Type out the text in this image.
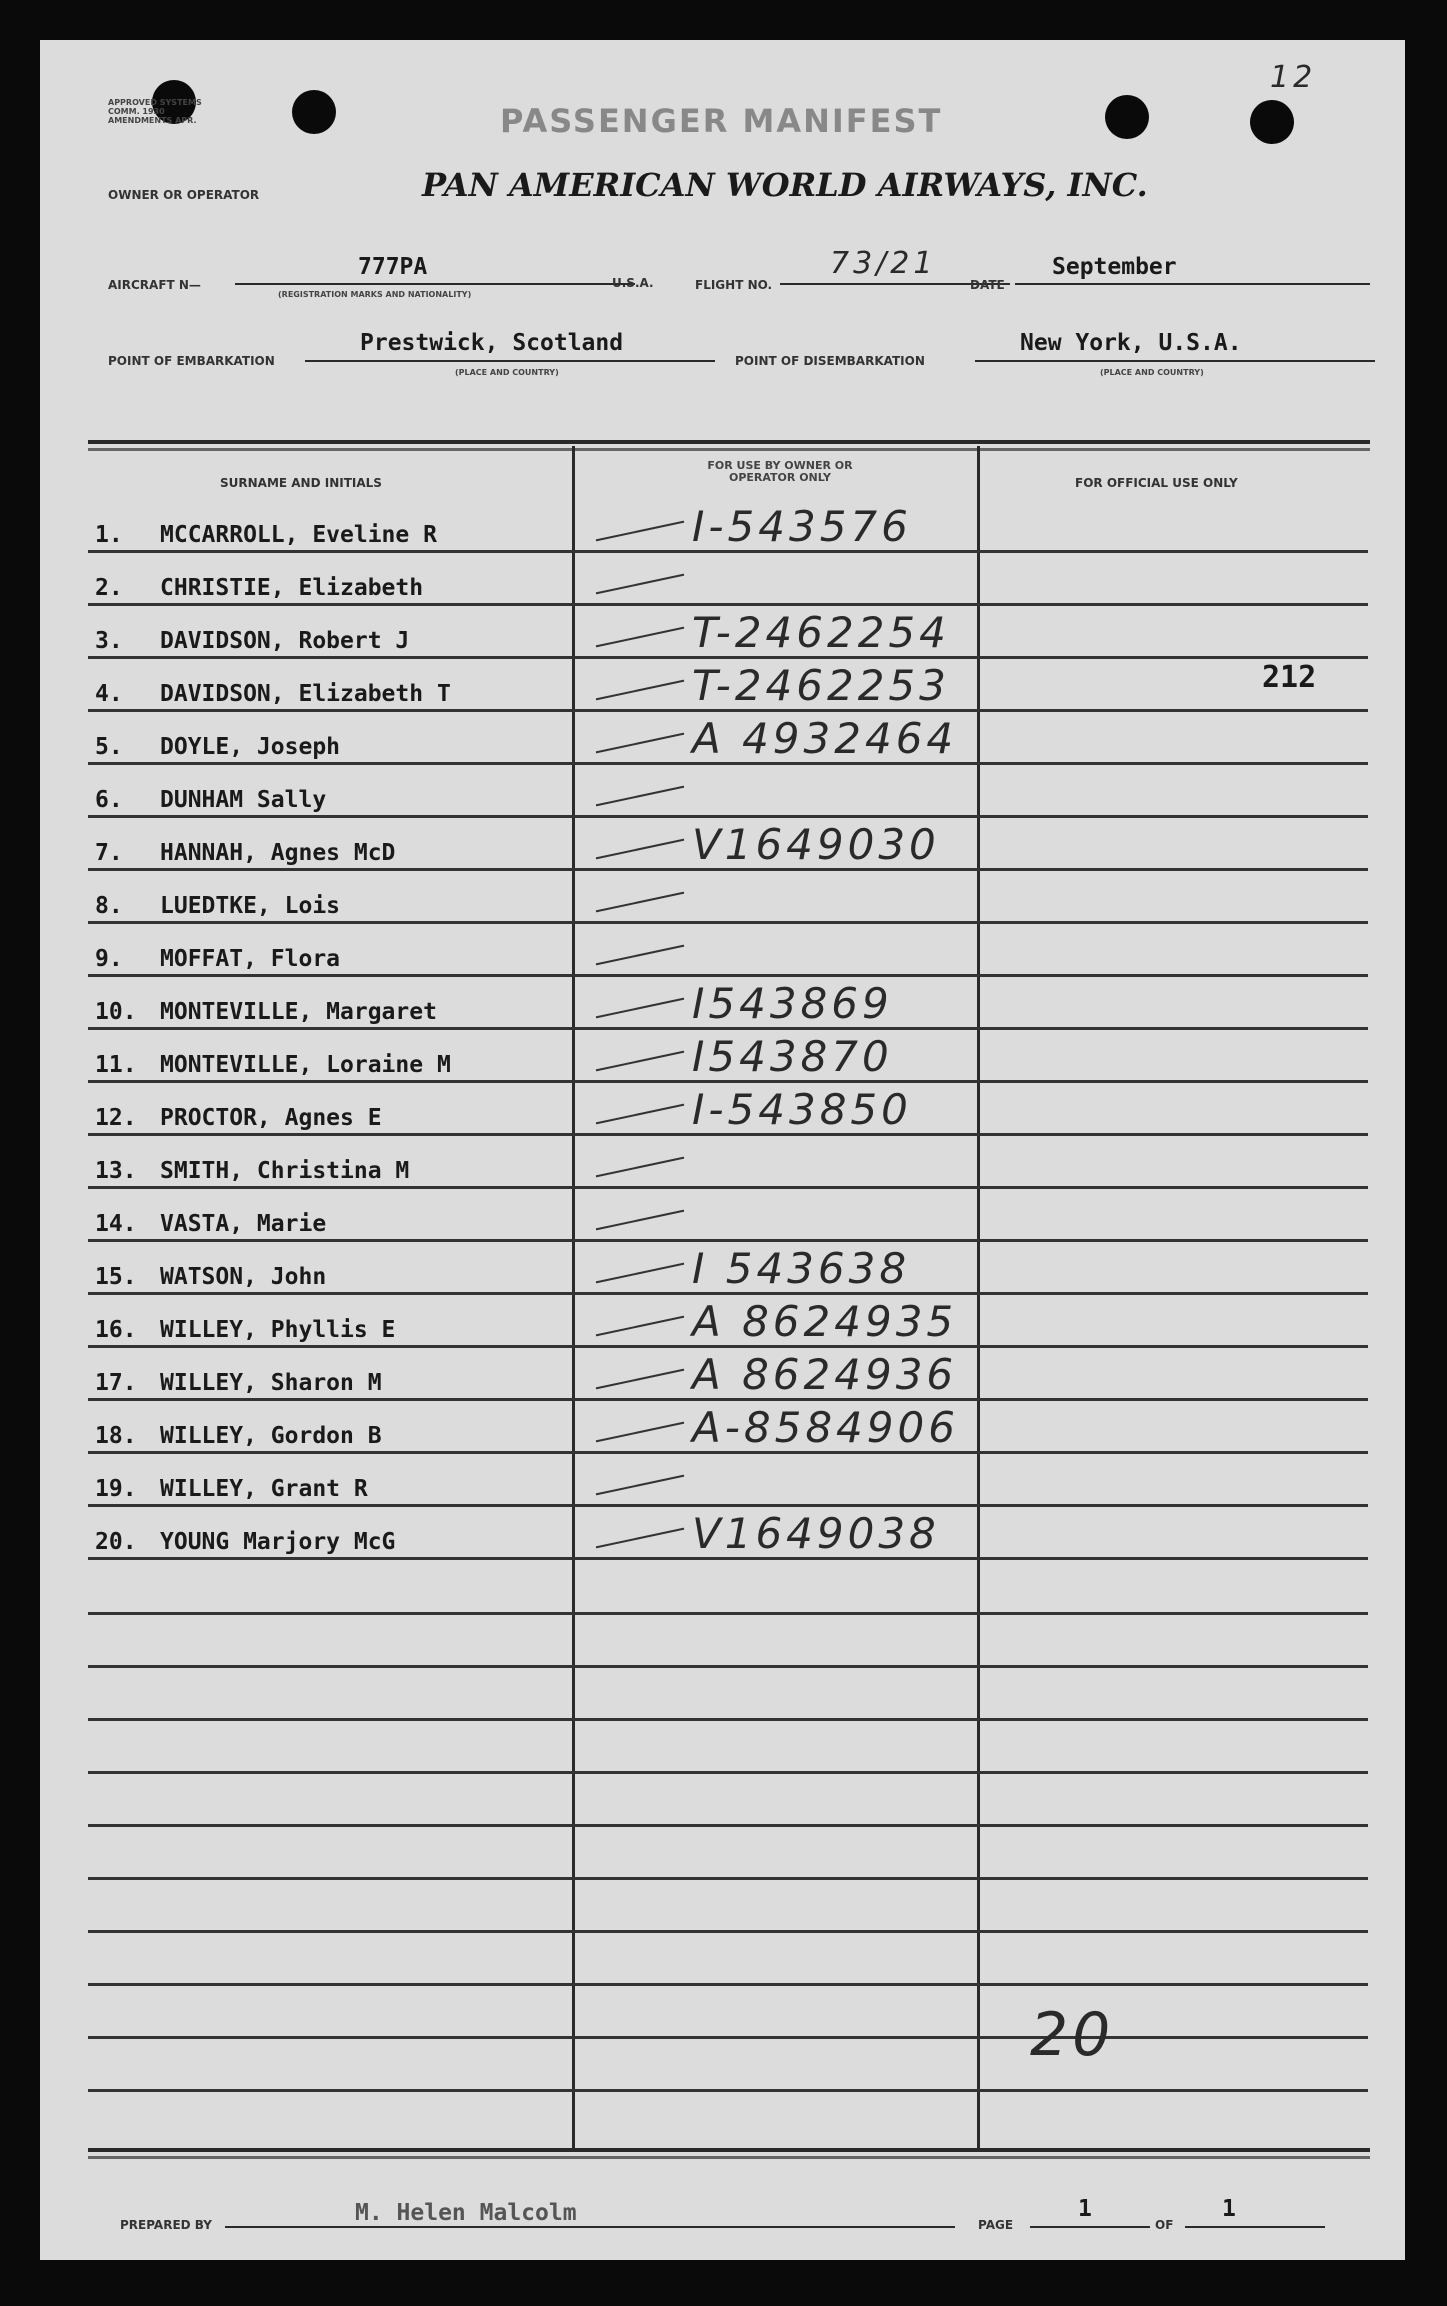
APPROVED SYSTEMS COMM. 1930 AMENDMENTS APR.
12
PASSENGER MANIFEST
PAN AMERICAN WORLD AIRWAYS, INC.
OWNER OR OPERATOR
AIRCRAFT N—
777PA
(REGISTRATION MARKS AND NATIONALITY)
U.S.A.	FLIGHT NO.
73/21
DATE
September
POINT OF EMBARKATION
Prestwick, Scotland
(PLACE AND COUNTRY)
POINT OF DISEMBARKATION
New York, U.S.A.
(PLACE AND COUNTRY)
SURNAME AND INITIALS
FOR USE BY OWNER OR OPERATOR ONLY	FOR OFFICIAL USE ONLY
212
1. MCCARROLL, Eveline R	I-543576
2. CHRISTIE, Elizabeth
3. DAVIDSON, Robert J	T-2462254
4. DAVIDSON, Elizabeth T	T-2462253
5. DOYLE, Joseph	A 4932464
6. DUNHAM Sally
7. HANNAH, Agnes McD	V1649030
8. LUEDTKE, Lois
9. MOFFAT, Flora
10. MONTEVILLE, Margaret	I543869
11. MONTEVILLE, Loraine M	I543870
12. PROCTOR, Agnes E	I-543850
13. SMITH, Christina M
14. VASTA, Marie
15. WATSON, John	I 543638
16. WILLEY, Phyllis E	A 8624935
17. WILLEY, Sharon M	A 8624936
18. WILLEY, Gordon B	A-8584906
19. WILLEY, Grant R
20. YOUNG Marjory McG	V1649038
20
PREPARED BY	M. Helen Malcolm	PAGE
1
OF
1
